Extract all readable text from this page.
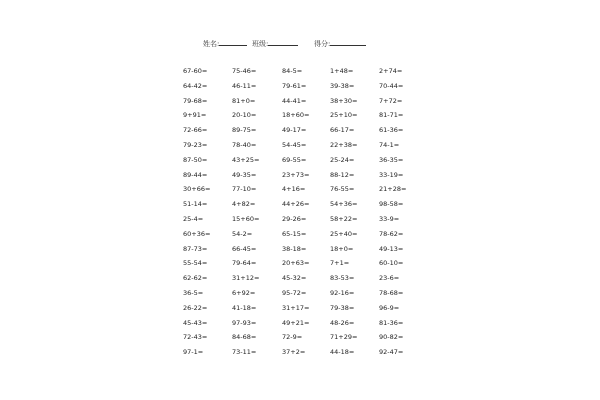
姓名:	班级:	得分:
67-60=	75-46=	84-5=	1+48=	2+74=
64-42=	46-11=	79-61=	39-38=	70-44=
79-68=	81+0=	44-41=	38+30=	7+72=
9+91=	20-10=	18+60=	25+10=	81-71=
72-66=	89-75=	49-17=	66-17=	61-36=
79-23=	78-40=	54-45=	22+38=	74-1=
87-50=	43+25=	69-55=	25-24=	36-35=
89-44=	49-35=	23+73=	88-12=	33-19=
30+66=	77-10=	4+16=	76-55=	21+28=
51-14=	4+82=	44+26=	54+36=	98-58=
25-4=	15+60=	29-26=	58+22=	33-9=
60+36=	54-2=	65-15=	25+40=	78-62=
87-73=	66-45=	38-18=	18+0=	49-13=
55-54=	79-64=	20+63=	7+1=	60-10=
62-62=	31+12=	45-32=	83-53=	23-6=
36-5=	6+92=	95-72=	92-16=	78-68=
26-22=	41-18=	31+17=	79-38=	96-9=
45-43=	97-93=	49+21=	48-26=	81-36=
72-43=	84-68=	72-9=	71+29=	90-82=
97-1=	73-11=	37+2=	44-18=	92-47=
